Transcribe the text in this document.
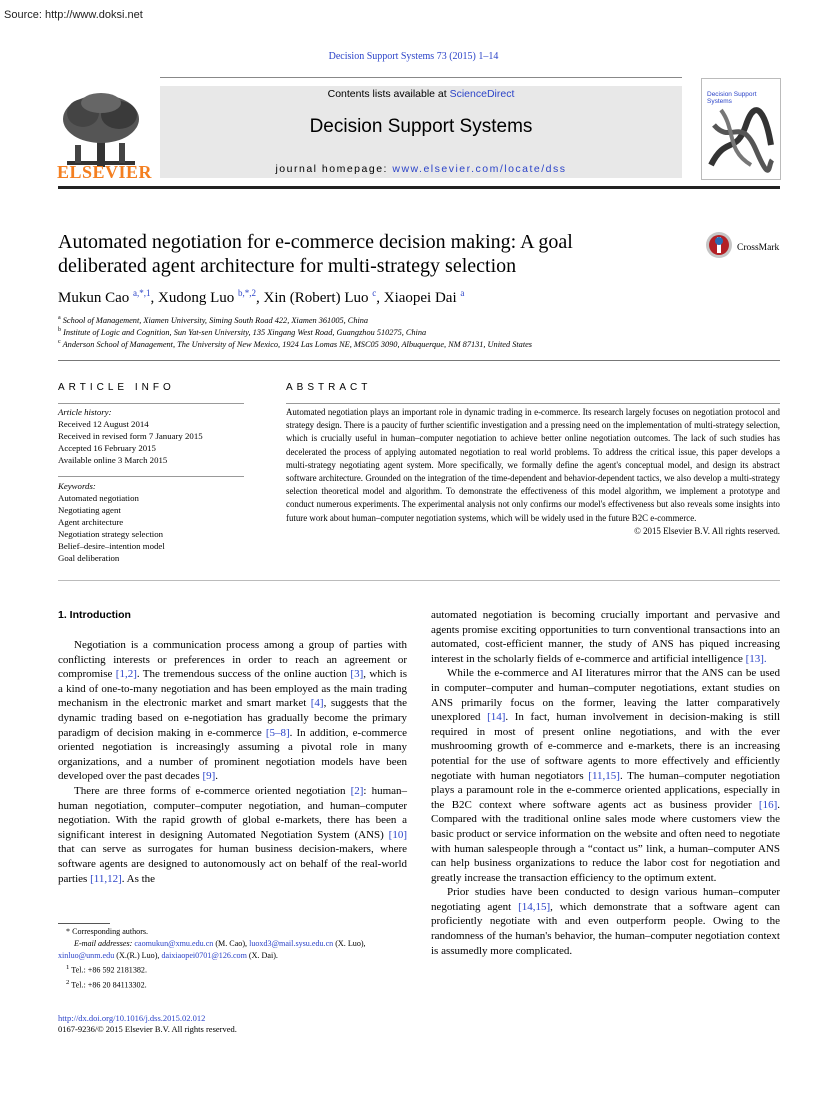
Source: http://www.doksi.net
Decision Support Systems 73 (2015) 1–14
ELSEVIER
Contents lists available at ScienceDirect
Decision Support Systems
journal homepage: www.elsevier.com/locate/dss
Decision Support Systems
Automated negotiation for e-commerce decision making: A goal
deliberated agent architecture for multi-strategy selection
CrossMark
Mukun Cao $^{a,*,1}$, Xudong Luo $^{b,*,2}$, Xin (Robert) Luo $^c$, Xiaopei Dai $^a$
$^a$ School of Management, Xiamen University, Siming South Road 422, Xiamen 361005, China
$^b$ Institute of Logic and Cognition, Sun Yat-sen University, 135 Xingang West Road, Guangzhou 510275, China
$^c$ Anderson School of Management, The University of New Mexico, 1924 Las Lomas NE, MSC05 3090, Albuquerque, NM 87131, United States
ARTICLE INFO	ABSTRACT
Article history:
Received 12 August 2014
Received in revised form 7 January 2015
Accepted 16 February 2015
Available online 3 March 2015
Keywords:
Automated negotiation
Negotiating agent
Agent architecture
Negotiation strategy selection
Belief–desire–intention model
Goal deliberation
Automated negotiation plays an important role in dynamic trading in e-commerce. Its research largely focuses on negotiation protocol and strategy design. There is a paucity of further scientific investigation and a pressing need on the implementation of multi-strategy selection, which is crucially useful in human–computer negotiation to achieve better online negotiation outcomes. The lack of such studies has decelerated the process of applying automated negotiation to real world problems. To address the critical issue, this paper develops a multi-strategy negotiating agent system. More specifically, we formally define the agent's conceptual model, and design its abstract software architecture. Grounded on the integration of the time-dependent and behavior-dependent tactics, we also develop a multi-strategy selection theoretical model and algorithm. To demonstrate the effectiveness of this model algorithm, we implement a prototype and conduct numerous experiments. The experimental analysis not only confirms our model's effectiveness but also reveals some insights into future work about human–computer negotiation systems, which will be widely used in the future B2C e-commerce.
© 2015 Elsevier B.V. All rights reserved.
1. Introduction

Negotiation is a communication process among a group of parties with conflicting interests or preferences in order to reach an agreement or compromise [1,2]. The tremendous success of the online auction [3], which is a kind of one-to-many negotiation and has been employed as the main trading mechanism in the electronic market and smart market [4], suggests that the dynamic trading based on e-negotiation has gradually become the primary paradigm of decision making in e-commerce [5–8]. In addition, e-commerce oriented negotiation is increasingly assuming a pivotal role in many organizations, and a number of prominent negotiation models have been developed over the past decades [9].

There are three forms of e-commerce oriented negotiation [2]: human–human negotiation, computer–computer negotiation, and human–computer negotiation. With the rapid growth of global e-markets, there has been a significant interest in designing Automated Negotiation System (ANS) [10] that can serve as surrogates for human business decision-makers, where software agents are designed to autonomously act on behalf of the real-world parties [11,12]. As the

automated negotiation is becoming crucially important and pervasive and agents promise exciting opportunities to turn conventional transactions into an automated, cost-efficient manner, the study of ANS has piqued increasing interest in the scholarly fields of e-commerce and artificial intelligence [13].

While the e-commerce and AI literatures mirror that the ANS can be used in computer–computer and human–computer negotiations, extant studies on ANS primarily focus on the former, leaving the latter comparatively unexplored [14]. In fact, human involvement in decision-making is still required in most of present online negotiations, and with the ever mushrooming growth of e-commerce and e-markets, there is an increasing potential for the use of software agents to more effectively and efficiently negotiate with human negotiators [11,15]. The human–computer negotiation plays a paramount role in the e-commerce oriented applications, especially in the B2C context where software agents act as business provider [16]. Compared with the traditional online sales mode where customers view the basic product or service information on the website and often need to negotiate with human salespeople through a “contact us” link, a human–computer ANS can help business organizations to reduce the labor cost for negotiation and greatly increase the transaction efficiency to the optimum extent.

Prior studies have been conducted to design various human–computer negotiating agent [14,15], which demonstrate that a software agent can proficiently negotiate with and even outperform people. Owing to the randomness of the human's behavior, the human–computer negotiation context is assumedly more complicated.

* Corresponding authors.
E-mail addresses: caomukun@xmu.edu.cn (M. Cao), luoxd3@mail.sysu.edu.cn (X. Luo),
xinluo@unm.edu (X.(R.) Luo), daixiaopei0701@126.com (X. Dai).
$^1$ Tel.: +86 592 2181382.
$^2$ Tel.: +86 20 84113302.
http://dx.doi.org/10.1016/j.dss.2015.02.012
0167-9236/© 2015 Elsevier B.V. All rights reserved.
